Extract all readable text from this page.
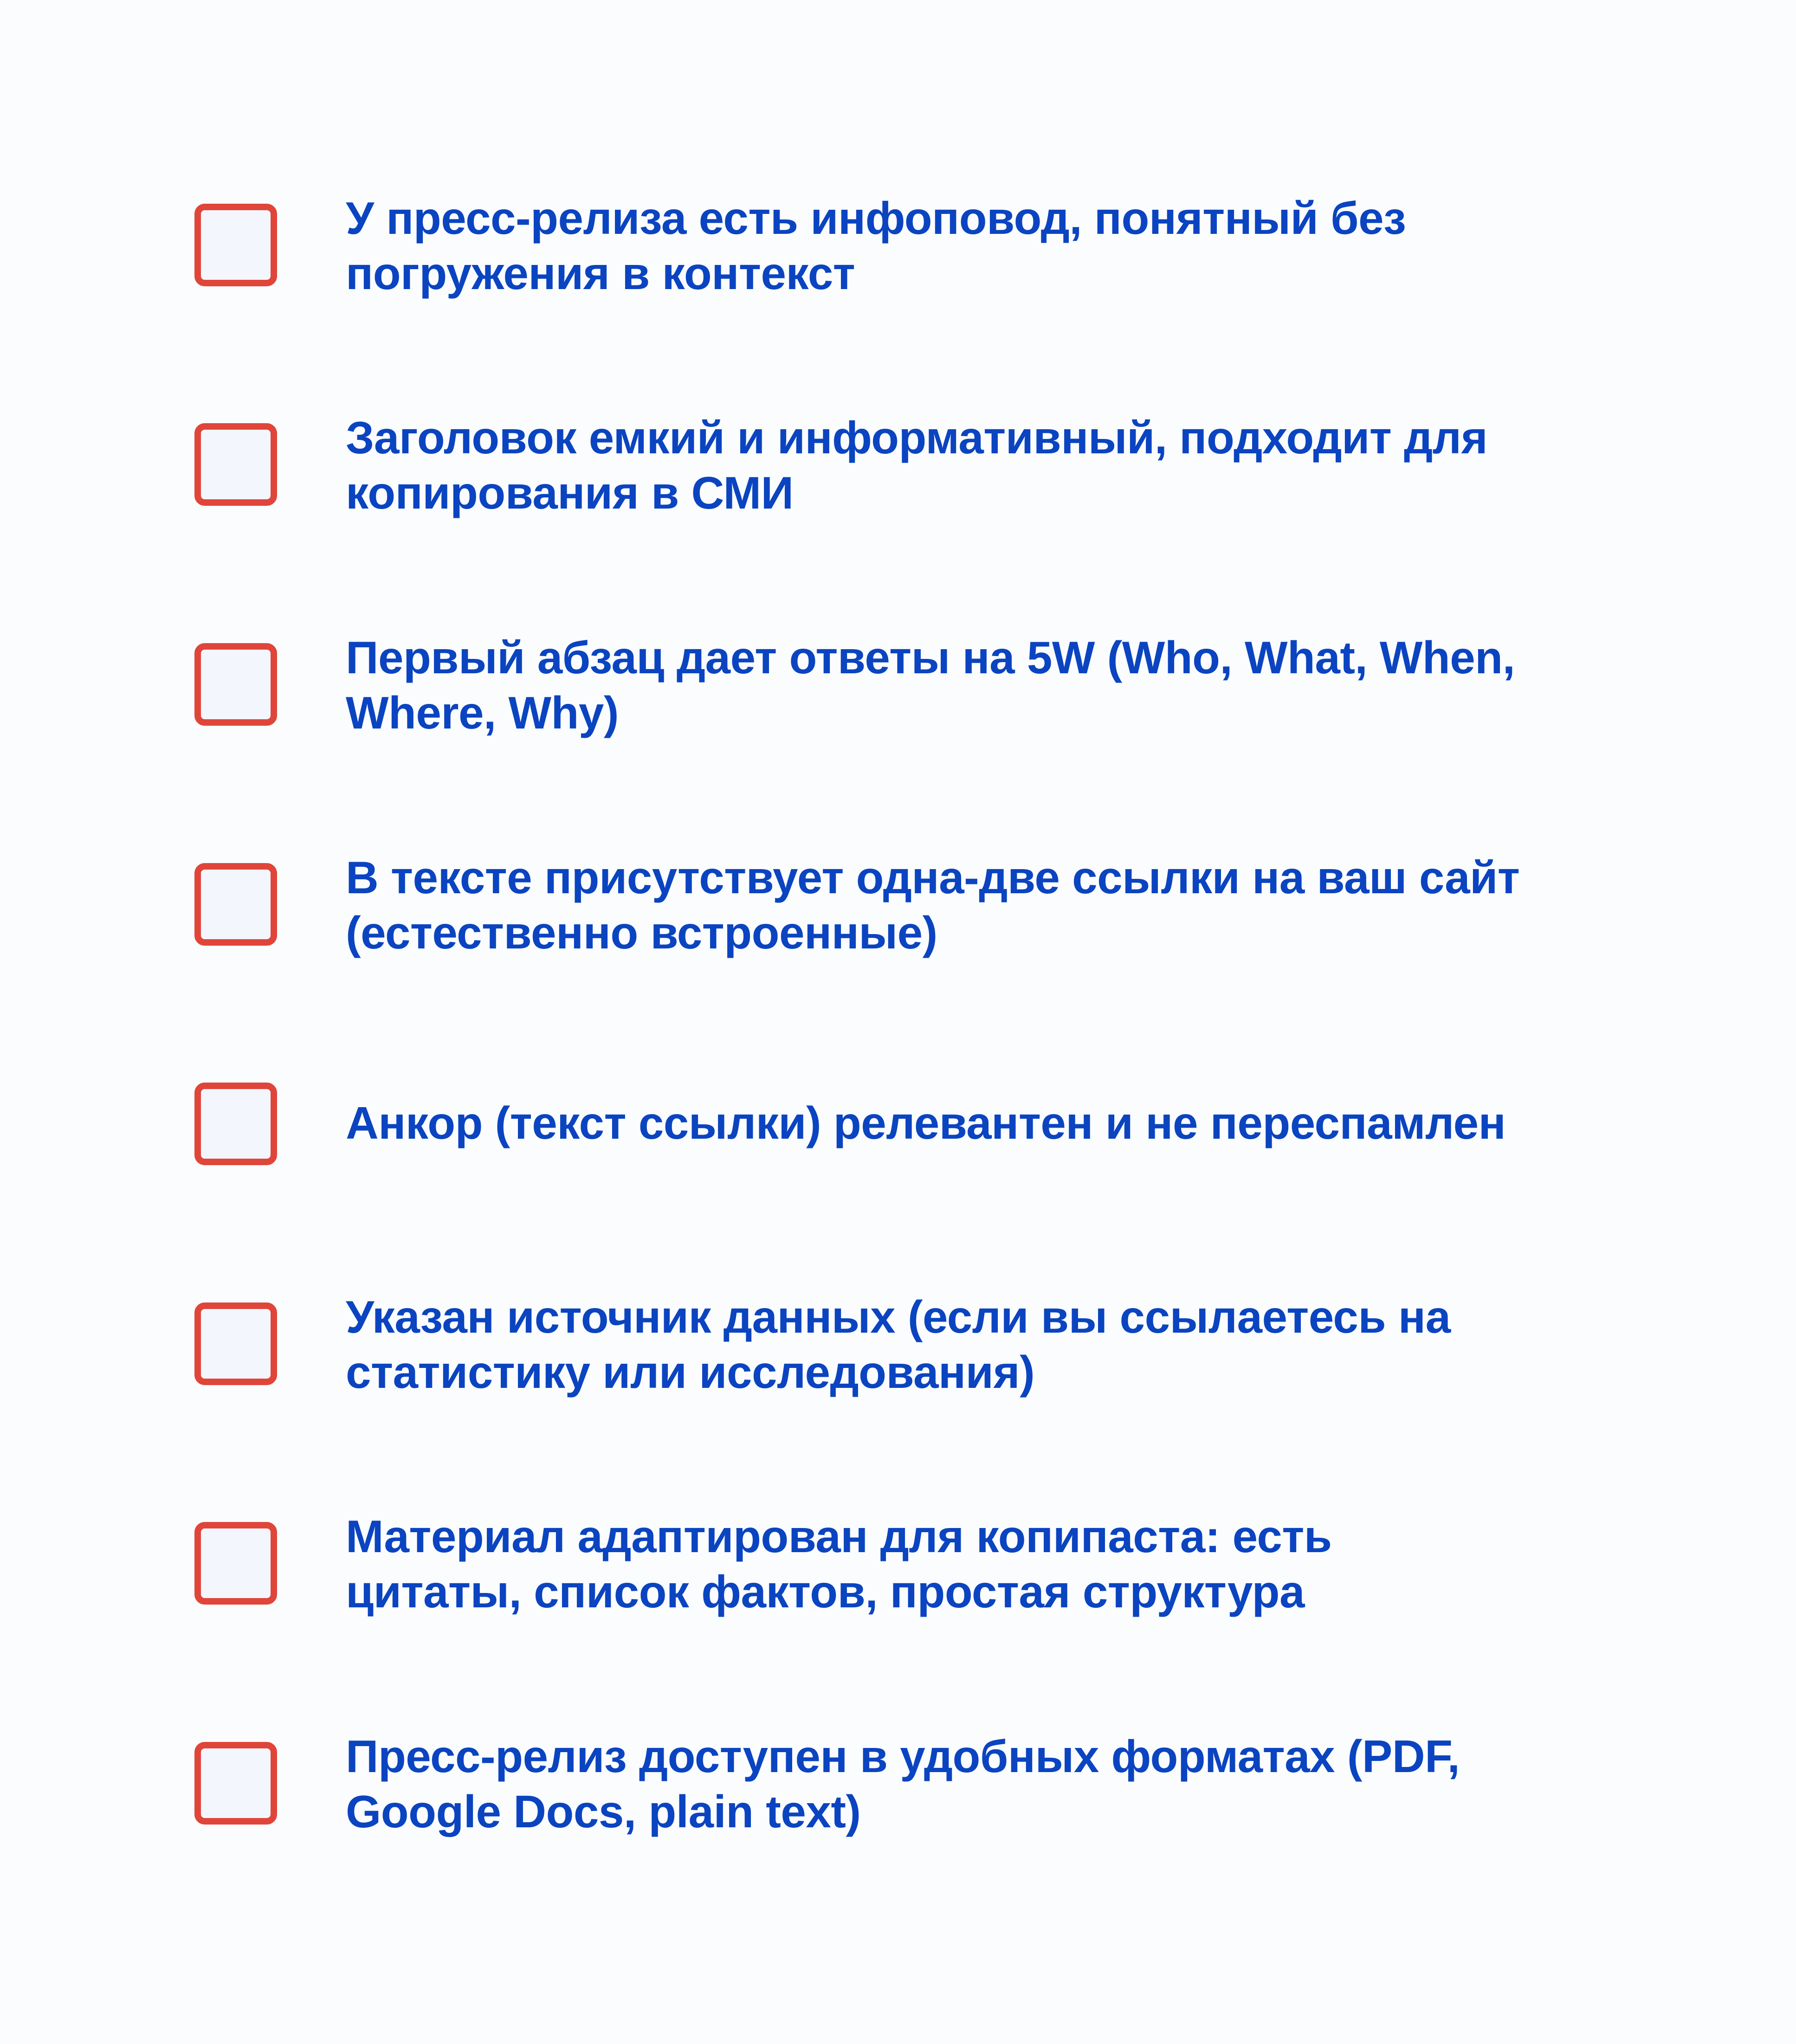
У пресс-релиза есть инфоповод, понятный без
погружения в контекст

Заголовок емкий и информативный, подходит для
копирования в СМИ

Первый абзац дает ответы на 5W (Who, What, When,
Where, Why)

В тексте присутствует одна-две ссылки на ваш сайт
(естественно встроенные)

Анкор (текст ссылки) релевантен и не переспамлен

Указан источник данных (если вы ссылаетесь на
статистику или исследования)

Материал адаптирован для копипаста: есть
цитаты, список фактов, простая структура

Пресс-релиз доступен в удобных форматах (PDF,
Google Docs, plain text)
